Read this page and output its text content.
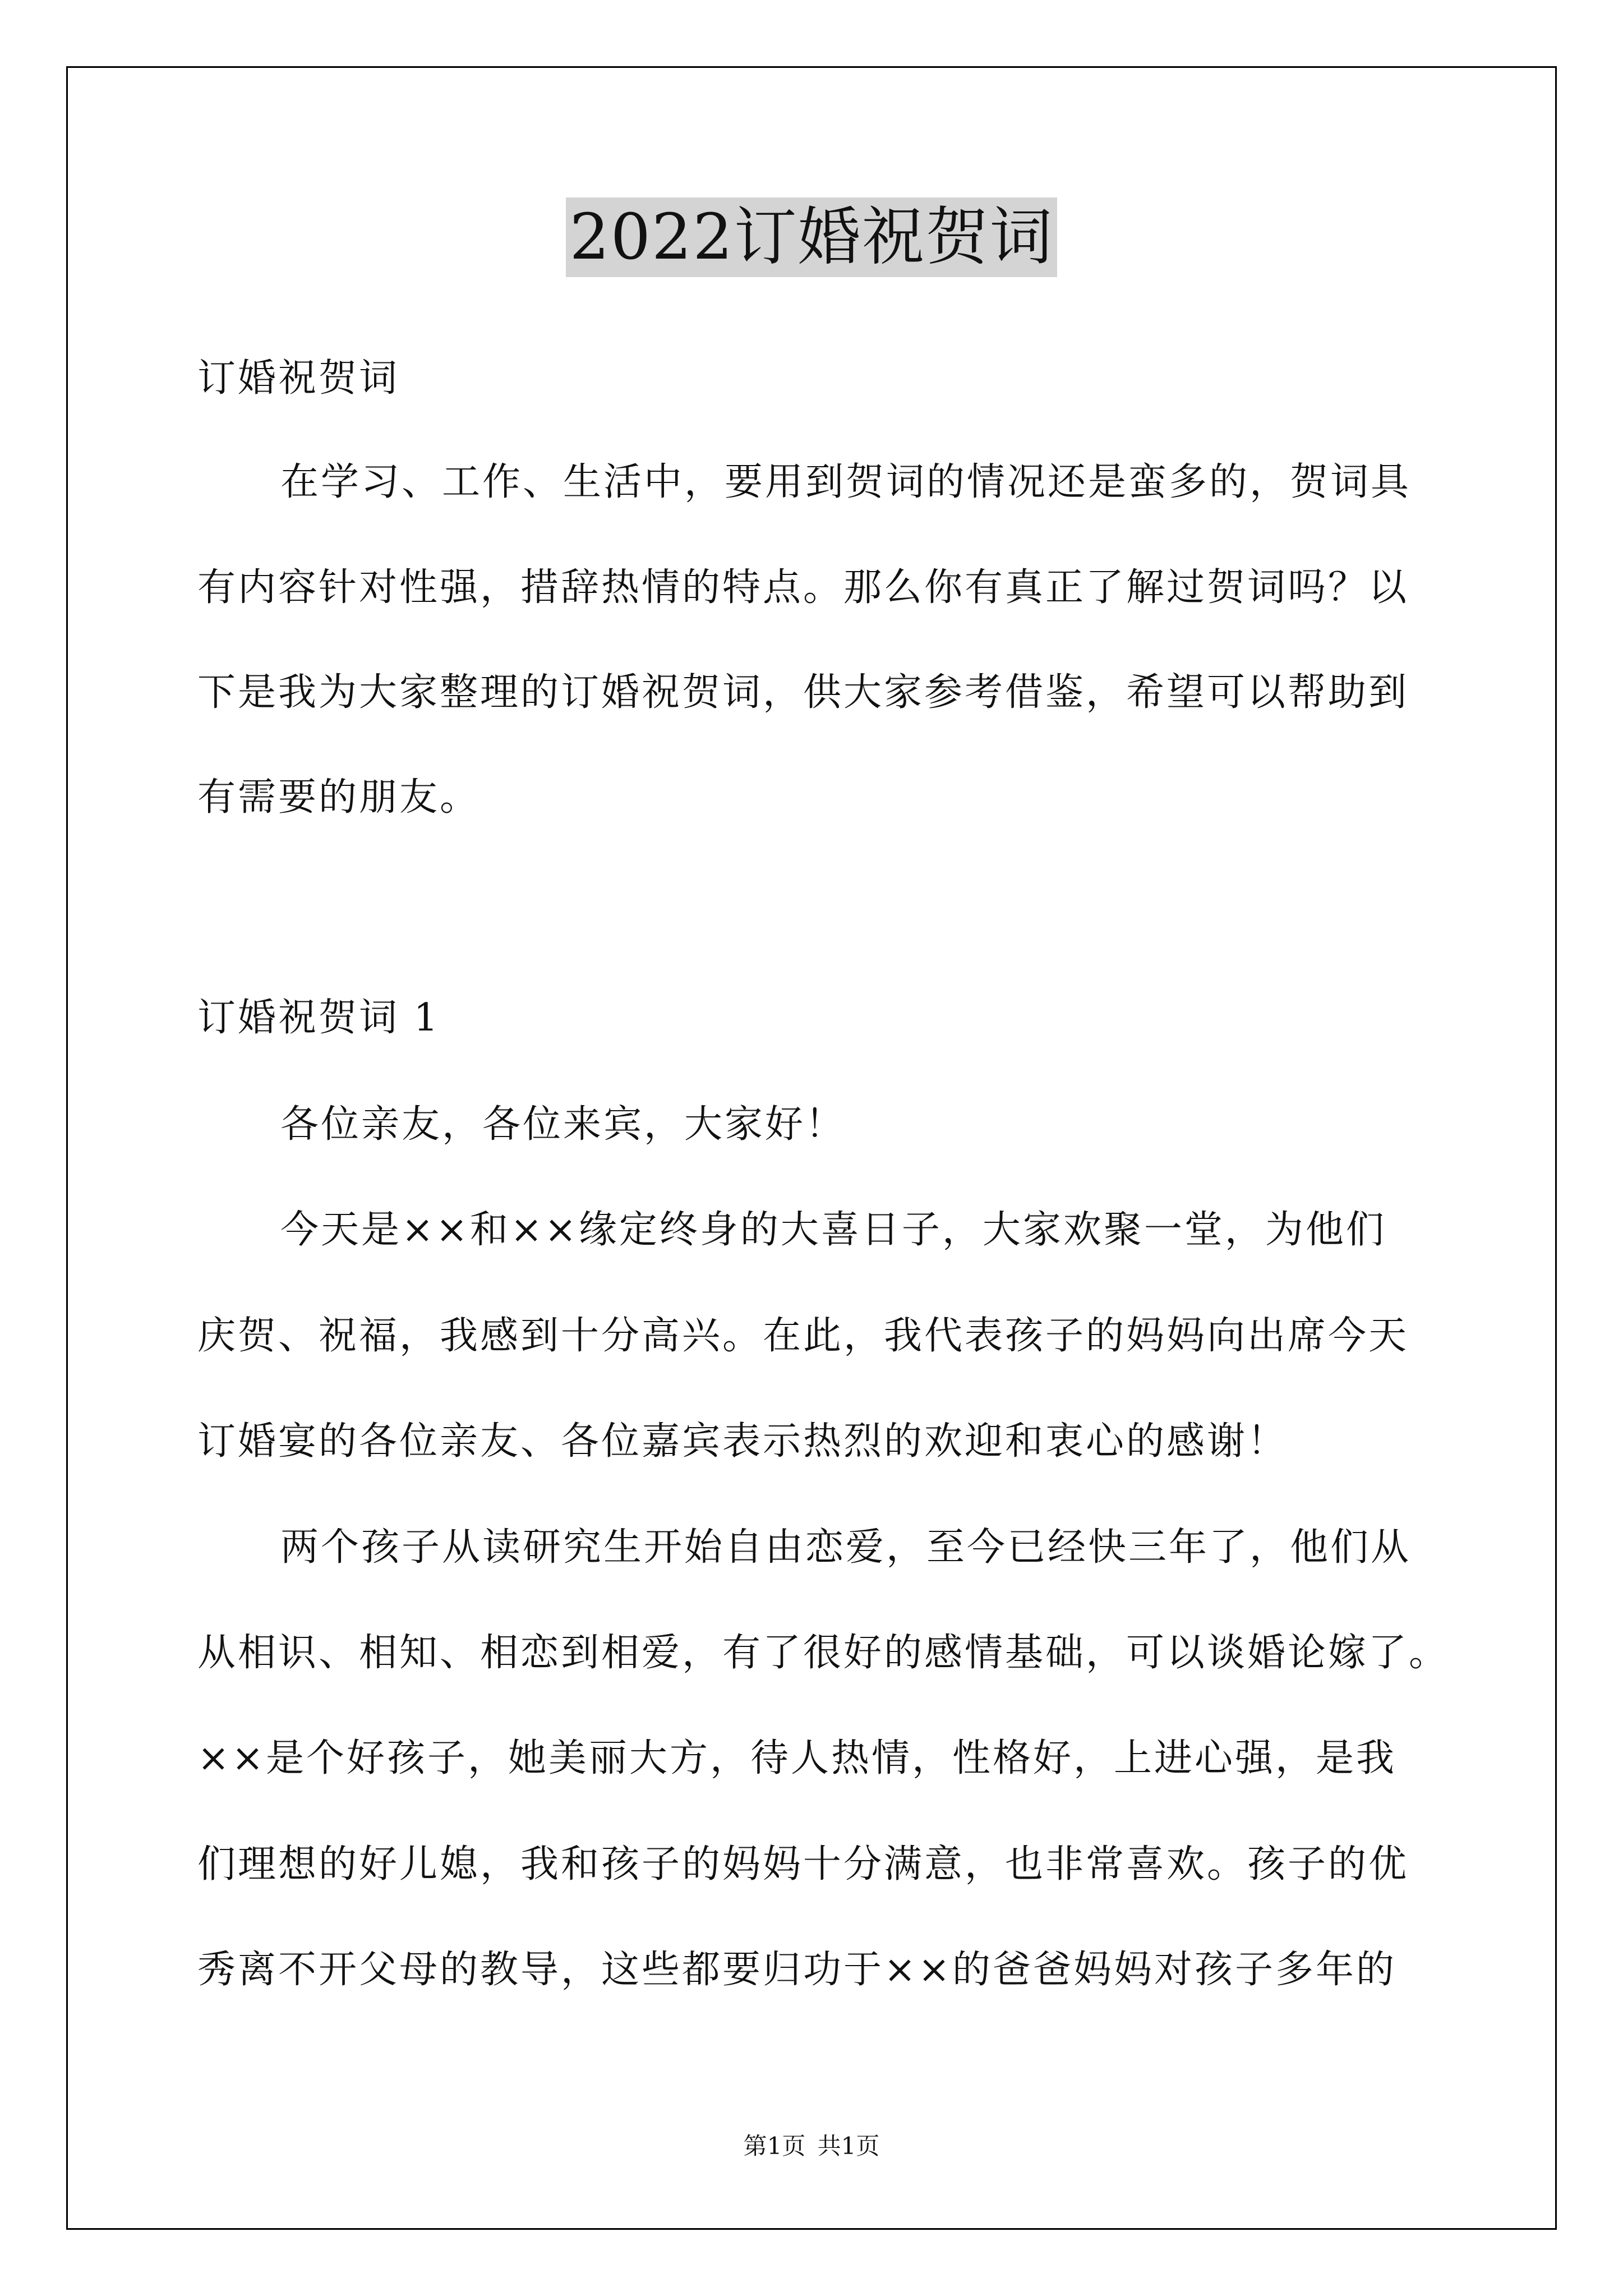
2022订婚祝贺词
订婚祝贺词
在学习、工作、生活中，要用到贺词的情况还是蛮多的，贺词具
有内容针对性强，措辞热情的特点。那么你有真正了解过贺词吗？以
下是我为大家整理的订婚祝贺词，供大家参考借鉴，希望可以帮助到
有需要的朋友。
订婚祝贺词 1
各位亲友，各位来宾，大家好！
今天是××和××缘定终身的大喜日子，大家欢聚一堂，为他们
庆贺、祝福，我感到十分高兴。在此，我代表孩子的妈妈向出席今天
订婚宴的各位亲友、各位嘉宾表示热烈的欢迎和衷心的感谢！
两个孩子从读研究生开始自由恋爱，至今已经快三年了，他们从
从相识、相知、相恋到相爱，有了很好的感情基础，可以谈婚论嫁了。
××是个好孩子，她美丽大方，待人热情，性格好，上进心强，是我
们理想的好儿媳，我和孩子的妈妈十分满意，也非常喜欢。孩子的优
秀离不开父母的教导，这些都要归功于××的爸爸妈妈对孩子多年的
第1页 共1页
